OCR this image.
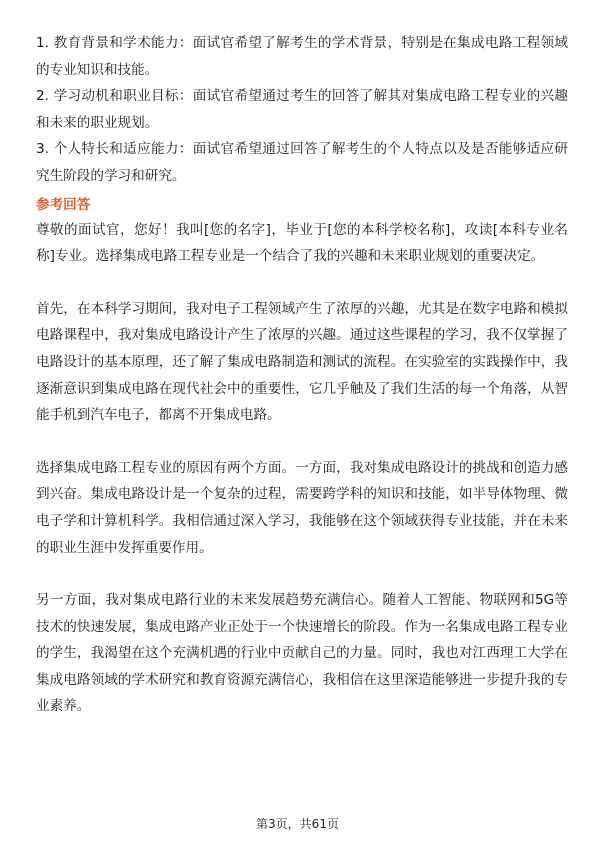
1. 教育背景和学术能力：面试官希望了解考生的学术背景，特别是在集成电路工程领域的专业知识和技能。

2. 学习动机和职业目标：面试官希望通过考生的回答了解其对集成电路工程专业的兴趣和未来的职业规划。

3. 个人特长和适应能力：面试官希望通过回答了解考生的个人特点以及是否能够适应研究生阶段的学习和研究。

参考回答

尊敬的面试官，您好！我叫[您的名字]，毕业于[您的本科学校名称]，攻读[本科专业名称]专业。选择集成电路工程专业是一个结合了我的兴趣和未来职业规划的重要决定。

首先，在本科学习期间，我对电子工程领域产生了浓厚的兴趣，尤其是在数字电路和模拟电路课程中，我对集成电路设计产生了浓厚的兴趣。通过这些课程的学习，我不仅掌握了电路设计的基本原理，还了解了集成电路制造和测试的流程。在实验室的实践操作中，我逐渐意识到集成电路在现代社会中的重要性，它几乎触及了我们生活的每一个角落，从智能手机到汽车电子，都离不开集成电路。

选择集成电路工程专业的原因有两个方面。一方面，我对集成电路设计的挑战和创造力感到兴奋。集成电路设计是一个复杂的过程，需要跨学科的知识和技能，如半导体物理、微电子学和计算机科学。我相信通过深入学习，我能够在这个领域获得专业技能，并在未来的职业生涯中发挥重要作用。

另一方面，我对集成电路行业的未来发展趋势充满信心。随着人工智能、物联网和5G等技术的快速发展，集成电路产业正处于一个快速增长的阶段。作为一名集成电路工程专业的学生，我渴望在这个充满机遇的行业中贡献自己的力量。同时，我也对江西理工大学在集成电路领域的学术研究和教育资源充满信心，我相信在这里深造能够进一步提升我的专业素养。

第3页，共61页
